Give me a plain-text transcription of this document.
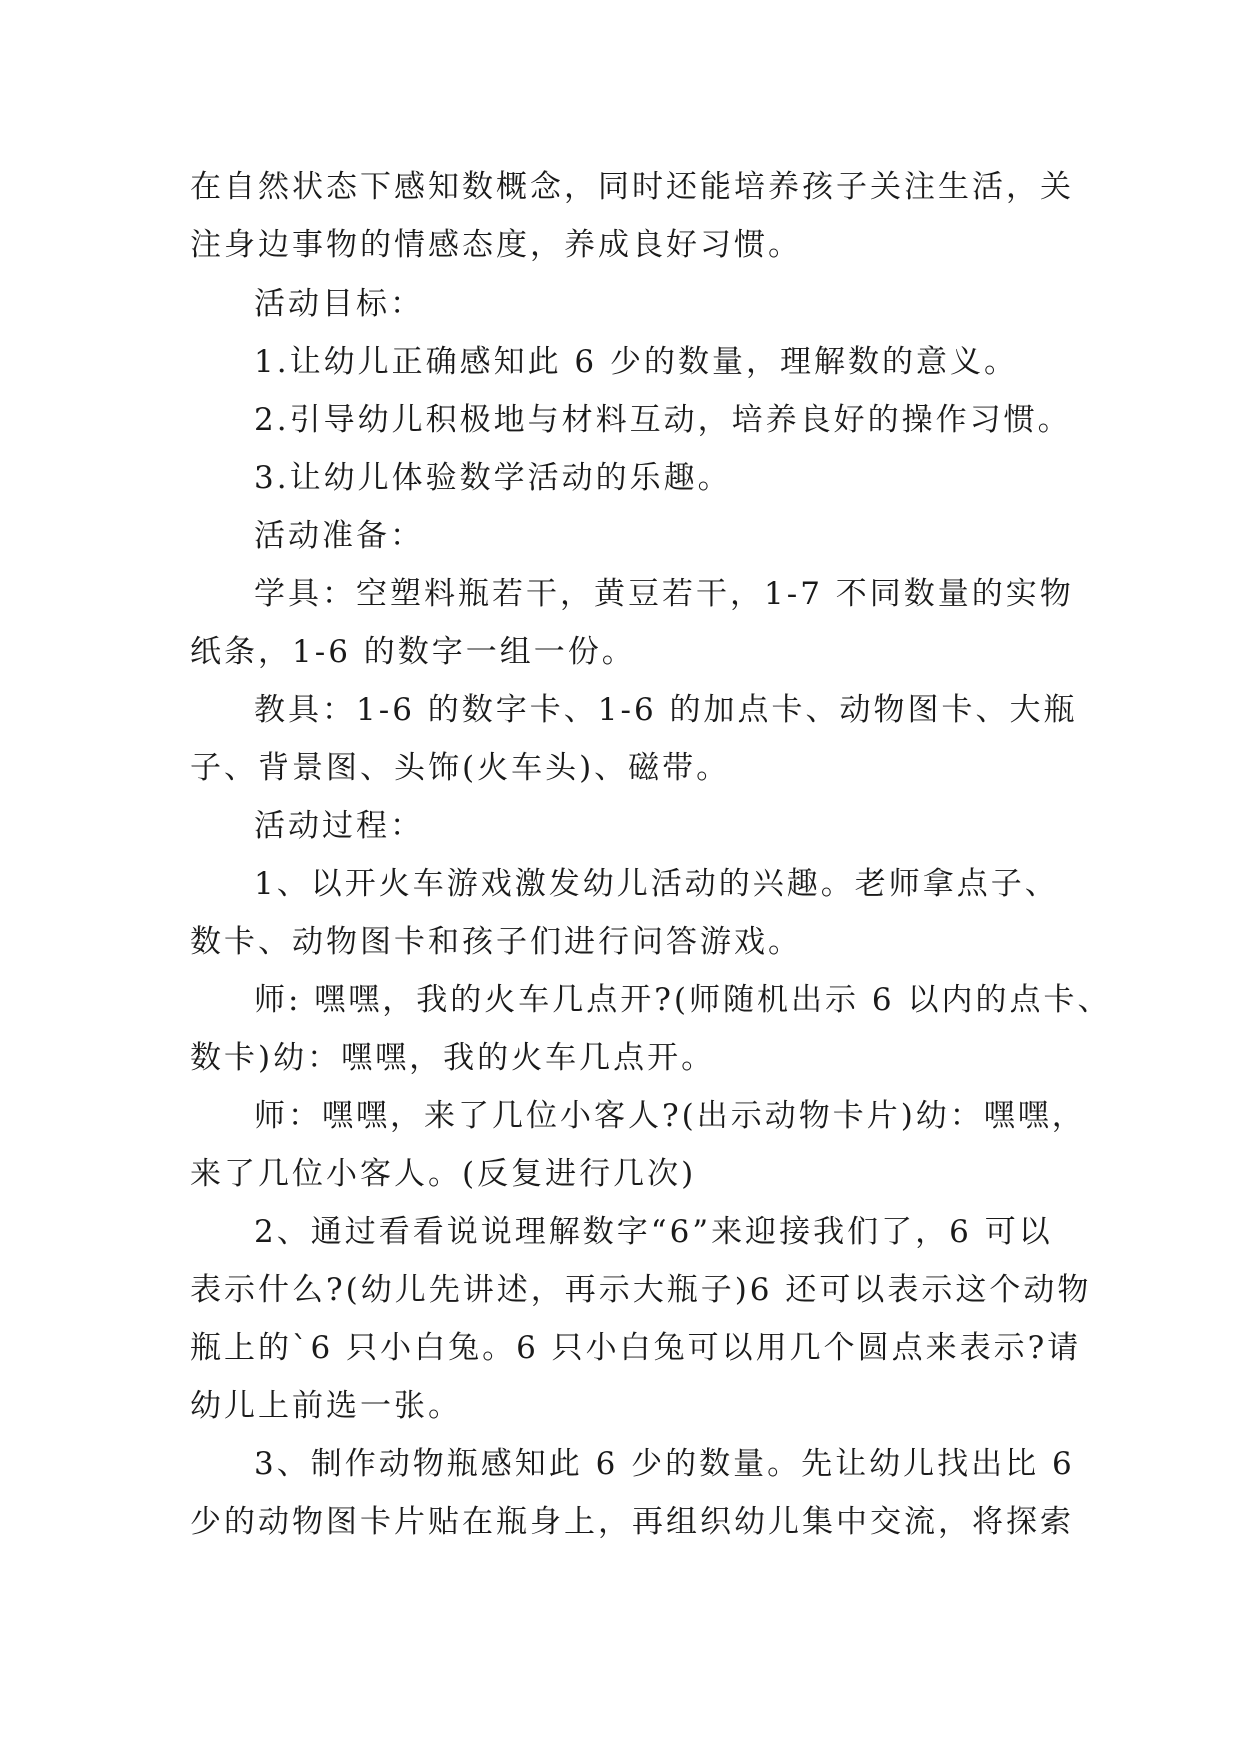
在自然状态下感知数概念，同时还能培养孩子关注生活，关
注身边事物的情感态度，养成良好习惯。
活动目标：
1.让幼儿正确感知此 6 少的数量，理解数的意义。
2.引导幼儿积极地与材料互动，培养良好的操作习惯。
3.让幼儿体验数学活动的乐趣。
活动准备：
学具：空塑料瓶若干，黄豆若干，1-7 不同数量的实物
纸条，1-6 的数字一组一份。
教具：1-6 的数字卡、1-6 的加点卡、动物图卡、大瓶
子、背景图、头饰(火车头)、磁带。
活动过程：
1、以开火车游戏激发幼儿活动的兴趣。老师拿点子、
数卡、动物图卡和孩子们进行问答游戏。
师: 嘿嘿，我的火车几点开?(师随机出示 6 以内的点卡、
数卡)幼：嘿嘿，我的火车几点开。
师：嘿嘿，来了几位小客人?(出示动物卡片)幼：嘿嘿，
来了几位小客人。(反复进行几次)
2、通过看看说说理解数字“6”来迎接我们了，6 可以
表示什么?(幼儿先讲述，再示大瓶子)6 还可以表示这个动物
瓶上的`6 只小白兔。6 只小白兔可以用几个圆点来表示?请
幼儿上前选一张。
3、制作动物瓶感知此 6 少的数量。先让幼儿找出比 6
少的动物图卡片贴在瓶身上，再组织幼儿集中交流，将探索
